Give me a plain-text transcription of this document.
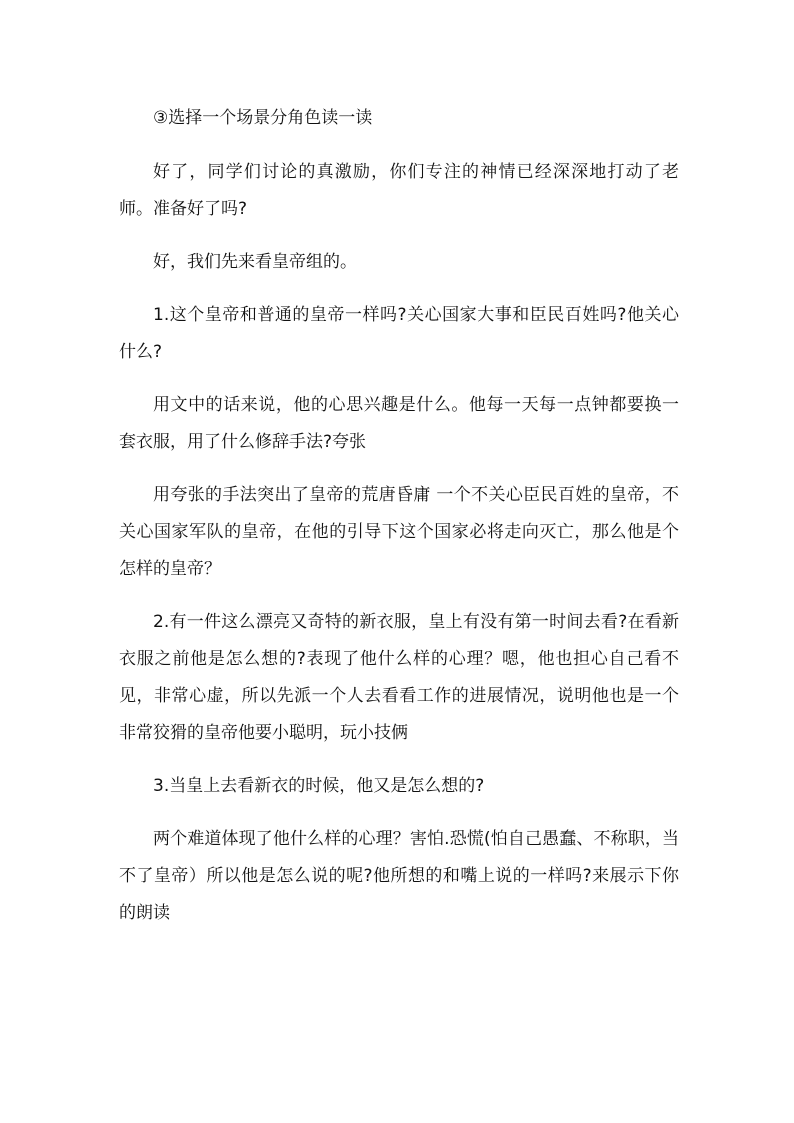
③选择一个场景分角色读一读

好了，同学们讨论的真激励，你们专注的神情已经深深地打动了老师。准备好了吗?

好，我们先来看皇帝组的。

1.这个皇帝和普通的皇帝一样吗?关心国家大事和臣民百姓吗?他关心什么?

用文中的话来说，他的心思兴趣是什么。他每一天每一点钟都要换一套衣服，用了什么修辞手法?夸张

用夸张的手法突出了皇帝的荒唐昏庸 一个不关心臣民百姓的皇帝，不关心国家军队的皇帝，在他的引导下这个国家必将走向灭亡，那么他是个怎样的皇帝？

2.有一件这么漂亮又奇特的新衣服，皇上有没有第一时间去看?在看新衣服之前他是怎么想的?表现了他什么样的心理？嗯，他也担心自己看不见，非常心虚，所以先派一个人去看看工作的进展情况，说明他也是一个非常狡猾的皇帝他要小聪明，玩小技俩

3.当皇上去看新衣的时候，他又是怎么想的?

两个难道体现了他什么样的心理？害怕.恐慌(怕自己愚蠢、不称职，当不了皇帝）所以他是怎么说的呢?他所想的和嘴上说的一样吗?来展示下你的朗读
